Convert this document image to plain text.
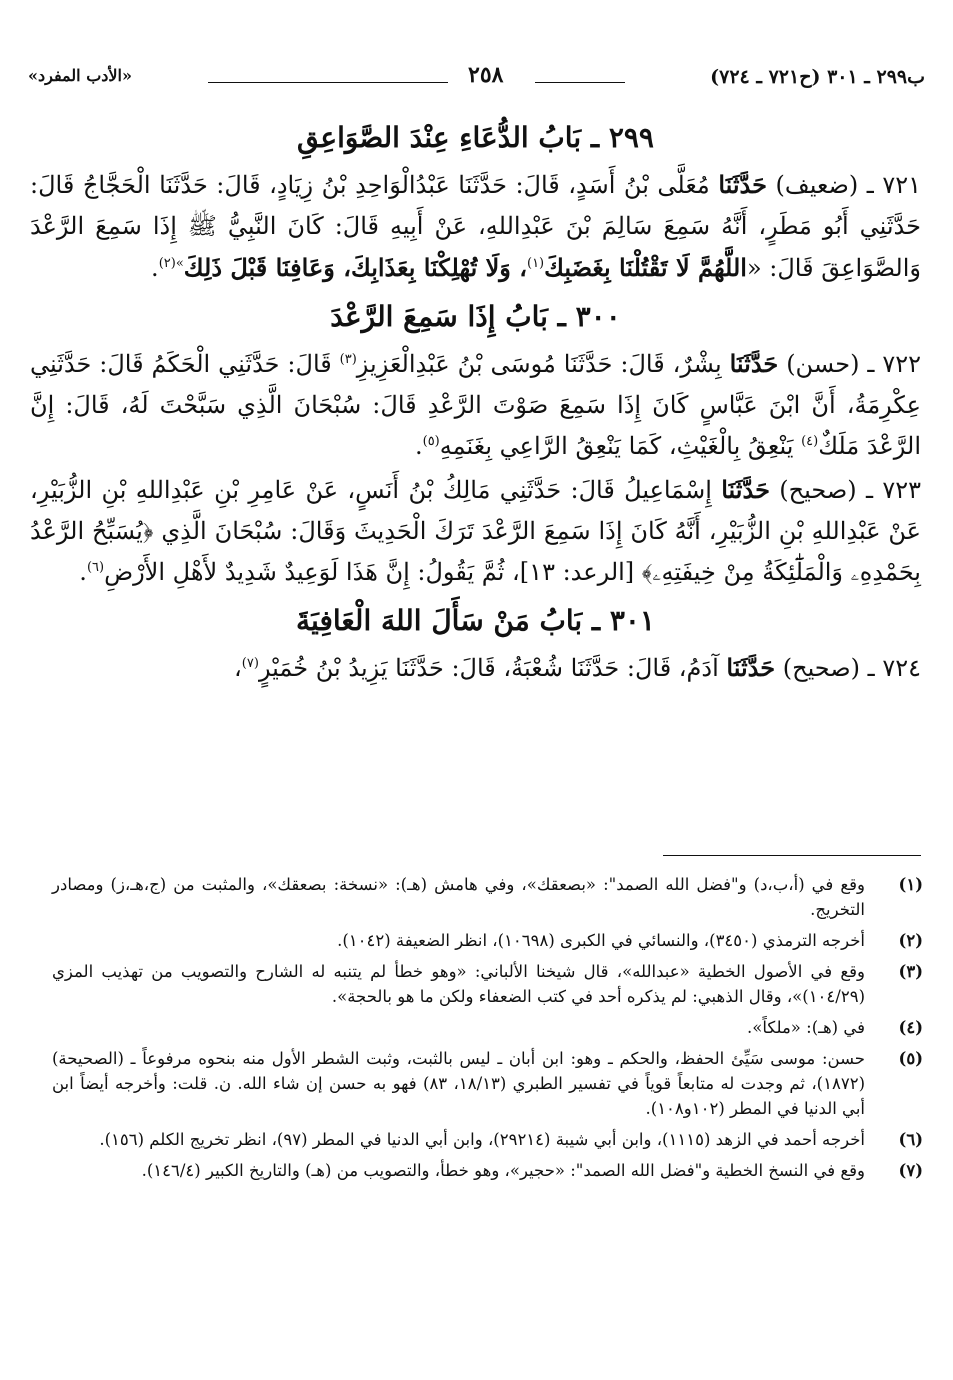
ب٢٩٩ ـ ٣٠١ (ح٧٢١ ـ ٧٢٤)
٢٥٨
«الأدب المفرد»
٢٩٩ ـ بَابُ الدُّعَاءِ عِنْدَ الصَّوَاعِقِ

٧٢١ ـ (ضعيف) حَدَّثَنَا مُعَلَّى بْنُ أَسَدٍ، قَالَ: حَدَّثَنَا عَبْدُالْوَاحِدِ بْنُ زِيَادٍ، قَالَ: حَدَّثَنَا الْحَجَّاجُ قَالَ: حَدَّثَنِي أَبُو مَطَرٍ، أَنَّهُ سَمِعَ سَالِمَ بْنَ عَبْدِاللهِ، عَنْ أَبِيهِ قَالَ: كَانَ النَّبِيُّ ﷺ إِذَا سَمِعَ الرَّعْدَ وَالصَّوَاعِقَ قَالَ: «اللَّهُمَّ لَا تَقْتُلْنَا بِغَضَبِكَ$^{(١)}$، وَلَا تُهْلِكْنَا بِعَذَابِكَ، وَعَافِنَا قَبْلَ ذَلِكَ$^{»(٢)}$.

٣٠٠ ـ بَابُ إِذَا سَمِعَ الرَّعْدَ

٧٢٢ ـ (حسن) حَدَّثَنَا بِشْرٌ، قَالَ: حَدَّثَنَا مُوسَى بْنُ عَبْدِالْعَزِيزِ$^{(٣)}$ قَالَ: حَدَّثَنِي الْحَكَمُ قَالَ: حَدَّثَنِي عِكْرِمَةُ، أَنَّ ابْنَ عَبَّاسٍ كَانَ إِذَا سَمِعَ صَوْتَ الرَّعْدِ قَالَ: سُبْحَانَ الَّذِي سَبَّحْتَ لَهُ، قَالَ: إِنَّ الرَّعْدَ مَلَكٌ$^{(٤)}$ يَنْعِقُ بِالْغَيْثِ، كَمَا يَنْعِقُ الرَّاعِي بِغَنَمِهِ$^{(٥)}$.

٧٢٣ ـ (صحيح) حَدَّثَنَا إِسْمَاعِيلُ قَالَ: حَدَّثَنِي مَالِكُ بْنُ أَنَسٍ، عَنْ عَامِرِ بْنِ عَبْدِاللهِ بْنِ الزُّبَيْرِ، عَنْ عَبْدِاللهِ بْنِ الزُّبَيْرِ، أَنَّهُ كَانَ إِذَا سَمِعَ الرَّعْدَ تَرَكَ الْحَدِيثَ وَقَالَ: سُبْحَانَ الَّذِي ﴿يُسَبِّحُ الرَّعْدُ بِحَمْدِهِۦ وَالْمَلَٰٓئِكَةُ مِنْ خِيفَتِهِۦ﴾ [الرعد: ١٣]، ثُمَّ يَقُولُ: إِنَّ هَذَا لَوَعِيدٌ شَدِيدٌ لأَهْلِ الأَرْضِ$^{(٦)}$.

٣٠١ ـ بَابُ مَنْ سَأَلَ اللهَ الْعَافِيَةَ

٧٢٤ ـ (صحيح) حَدَّثَنَا آدَمُ، قَالَ: حَدَّثَنَا شُعْبَةُ، قَالَ: حَدَّثَنَا يَزِيدُ بْنُ خُمَيْرٍ$^{(٧)}$،

(١)
وقع في (أ،ب،د) و"فضل الله الصمد": «بصعقك»، وفي هامش (هـ): «نسخة: بصعقك»، والمثبت من (ج،هـ،ز) ومصادر التخريج.
(٢)
أخرجه الترمذي (٣٤٥٠)، والنسائي في الكبرى (١٠٦٩٨)، انظر الضعيفة (١٠٤٢).
(٣)
وقع في الأصول الخطية «عبدالله»، قال شيخنا الألباني: «وهو خطأ لم يتنبه له الشارح والتصويب من تهذيب المزي (١٠٤/٢٩)»، وقال الذهبي: لم يذكره أحد في كتب الضعفاء ولكن ما هو بالحجة».
(٤)
في (هـ): «ملكاً».
(٥)
حسن: موسى سَيِّئ الحفظ، والحكم ـ وهو: ابن أبان ـ ليس بالثبت، وثبت الشطر الأول منه بنحوه مرفوعاً ـ (الصحيحة) (١٨٧٢)، ثم وجدت له متابعاً قوياً في تفسير الطبري (١٨/١٣، ٨٣) فهو به حسن إن شاء الله. ن. قلت: وأخرجه أيضاً ابن أبي الدنيا في المطر (١٠٢و١٠٨).
(٦)
أخرجه أحمد في الزهد (١١١٥)، وابن أبي شيبة (٢٩٢١٤)، وابن أبي الدنيا في المطر (٩٧)، انظر تخريج الكلم (١٥٦).
(٧)
وقع في النسخ الخطية و"فضل الله الصمد": «حجير»، وهو خطأ، والتصويب من (هـ) والتاريخ الكبير (١٤٦/٤).
